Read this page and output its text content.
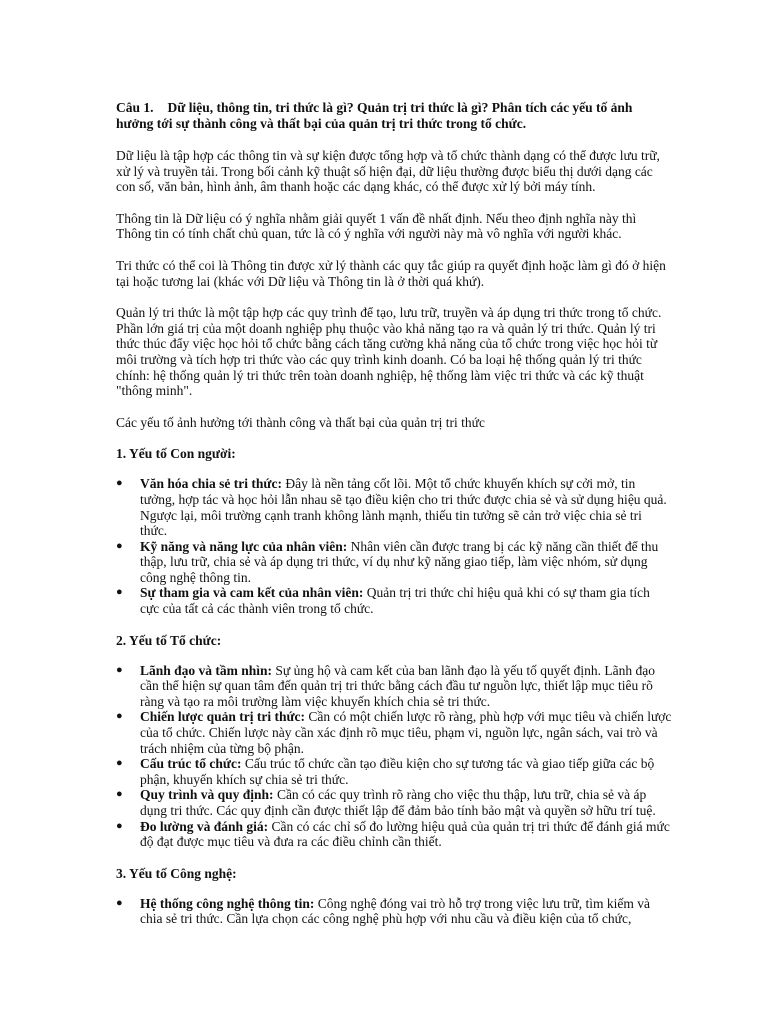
Câu 1. Dữ liệu, thông tin, tri thức là gì? Quản trị tri thức là gì? Phân tích các yếu tố ảnh hưởng tới sự thành công và thất bại của quản trị tri thức trong tổ chức.

Dữ liệu là tập hợp các thông tin và sự kiện được tổng hợp và tổ chức thành dạng có thể được lưu trữ, xử lý và truyền tải. Trong bối cảnh kỹ thuật số hiện đại, dữ liệu thường được biểu thị dưới dạng các con số, văn bản, hình ảnh, âm thanh hoặc các dạng khác, có thể được xử lý bởi máy tính.

Thông tin là Dữ liệu có ý nghĩa nhằm giải quyết 1 vấn đề nhất định. Nếu theo định nghĩa này thì Thông tin có tính chất chủ quan, tức là có ý nghĩa với người này mà vô nghĩa với người khác.

Tri thức có thể coi là Thông tin được xử lý thành các quy tắc giúp ra quyết định hoặc làm gì đó ở hiện tại hoặc tương lai (khác với Dữ liệu và Thông tin là ở thời quá khứ).

Quản lý tri thức là một tập hợp các quy trình để tạo, lưu trữ, truyền và áp dụng tri thức trong tổ chức. Phần lớn giá trị của một doanh nghiệp phụ thuộc vào khả năng tạo ra và quản lý tri thức. Quản lý tri thức thúc đẩy việc học hỏi tổ chức bằng cách tăng cường khả năng của tổ chức trong việc học hỏi từ môi trường và tích hợp tri thức vào các quy trình kinh doanh. Có ba loại hệ thống quản lý tri thức chính: hệ thống quản lý tri thức trên toàn doanh nghiệp, hệ thống làm việc tri thức và các kỹ thuật "thông minh".

Các yếu tố ảnh hưởng tới thành công và thất bại của quản trị tri thức

1. Yếu tố Con người:
● Văn hóa chia sẻ tri thức: Đây là nền tảng cốt lõi. Một tổ chức khuyến khích sự cởi mở, tin tưởng, hợp tác và học hỏi lẫn nhau sẽ tạo điều kiện cho tri thức được chia sẻ và sử dụng hiệu quả. Ngược lại, môi trường cạnh tranh không lành mạnh, thiếu tin tưởng sẽ cản trở việc chia sẻ tri thức.
● Kỹ năng và năng lực của nhân viên: Nhân viên cần được trang bị các kỹ năng cần thiết để thu thập, lưu trữ, chia sẻ và áp dụng tri thức, ví dụ như kỹ năng giao tiếp, làm việc nhóm, sử dụng công nghệ thông tin.
● Sự tham gia và cam kết của nhân viên: Quản trị tri thức chỉ hiệu quả khi có sự tham gia tích cực của tất cả các thành viên trong tổ chức.
2. Yếu tố Tổ chức:
● Lãnh đạo và tầm nhìn: Sự ủng hộ và cam kết của ban lãnh đạo là yếu tố quyết định. Lãnh đạo cần thể hiện sự quan tâm đến quản trị tri thức bằng cách đầu tư nguồn lực, thiết lập mục tiêu rõ ràng và tạo ra môi trường làm việc khuyến khích chia sẻ tri thức.
● Chiến lược quản trị tri thức: Cần có một chiến lược rõ ràng, phù hợp với mục tiêu và chiến lược của tổ chức. Chiến lược này cần xác định rõ mục tiêu, phạm vi, nguồn lực, ngân sách, vai trò và trách nhiệm của từng bộ phận.
● Cấu trúc tổ chức: Cấu trúc tổ chức cần tạo điều kiện cho sự tương tác và giao tiếp giữa các bộ phận, khuyến khích sự chia sẻ tri thức.
● Quy trình và quy định: Cần có các quy trình rõ ràng cho việc thu thập, lưu trữ, chia sẻ và áp dụng tri thức. Các quy định cần được thiết lập để đảm bảo tính bảo mật và quyền sở hữu trí tuệ.
● Đo lường và đánh giá: Cần có các chỉ số đo lường hiệu quả của quản trị tri thức để đánh giá mức độ đạt được mục tiêu và đưa ra các điều chỉnh cần thiết.
3. Yếu tố Công nghệ:
● Hệ thống công nghệ thông tin: Công nghệ đóng vai trò hỗ trợ trong việc lưu trữ, tìm kiếm và chia sẻ tri thức. Cần lựa chọn các công nghệ phù hợp với nhu cầu và điều kiện của tổ chức,
